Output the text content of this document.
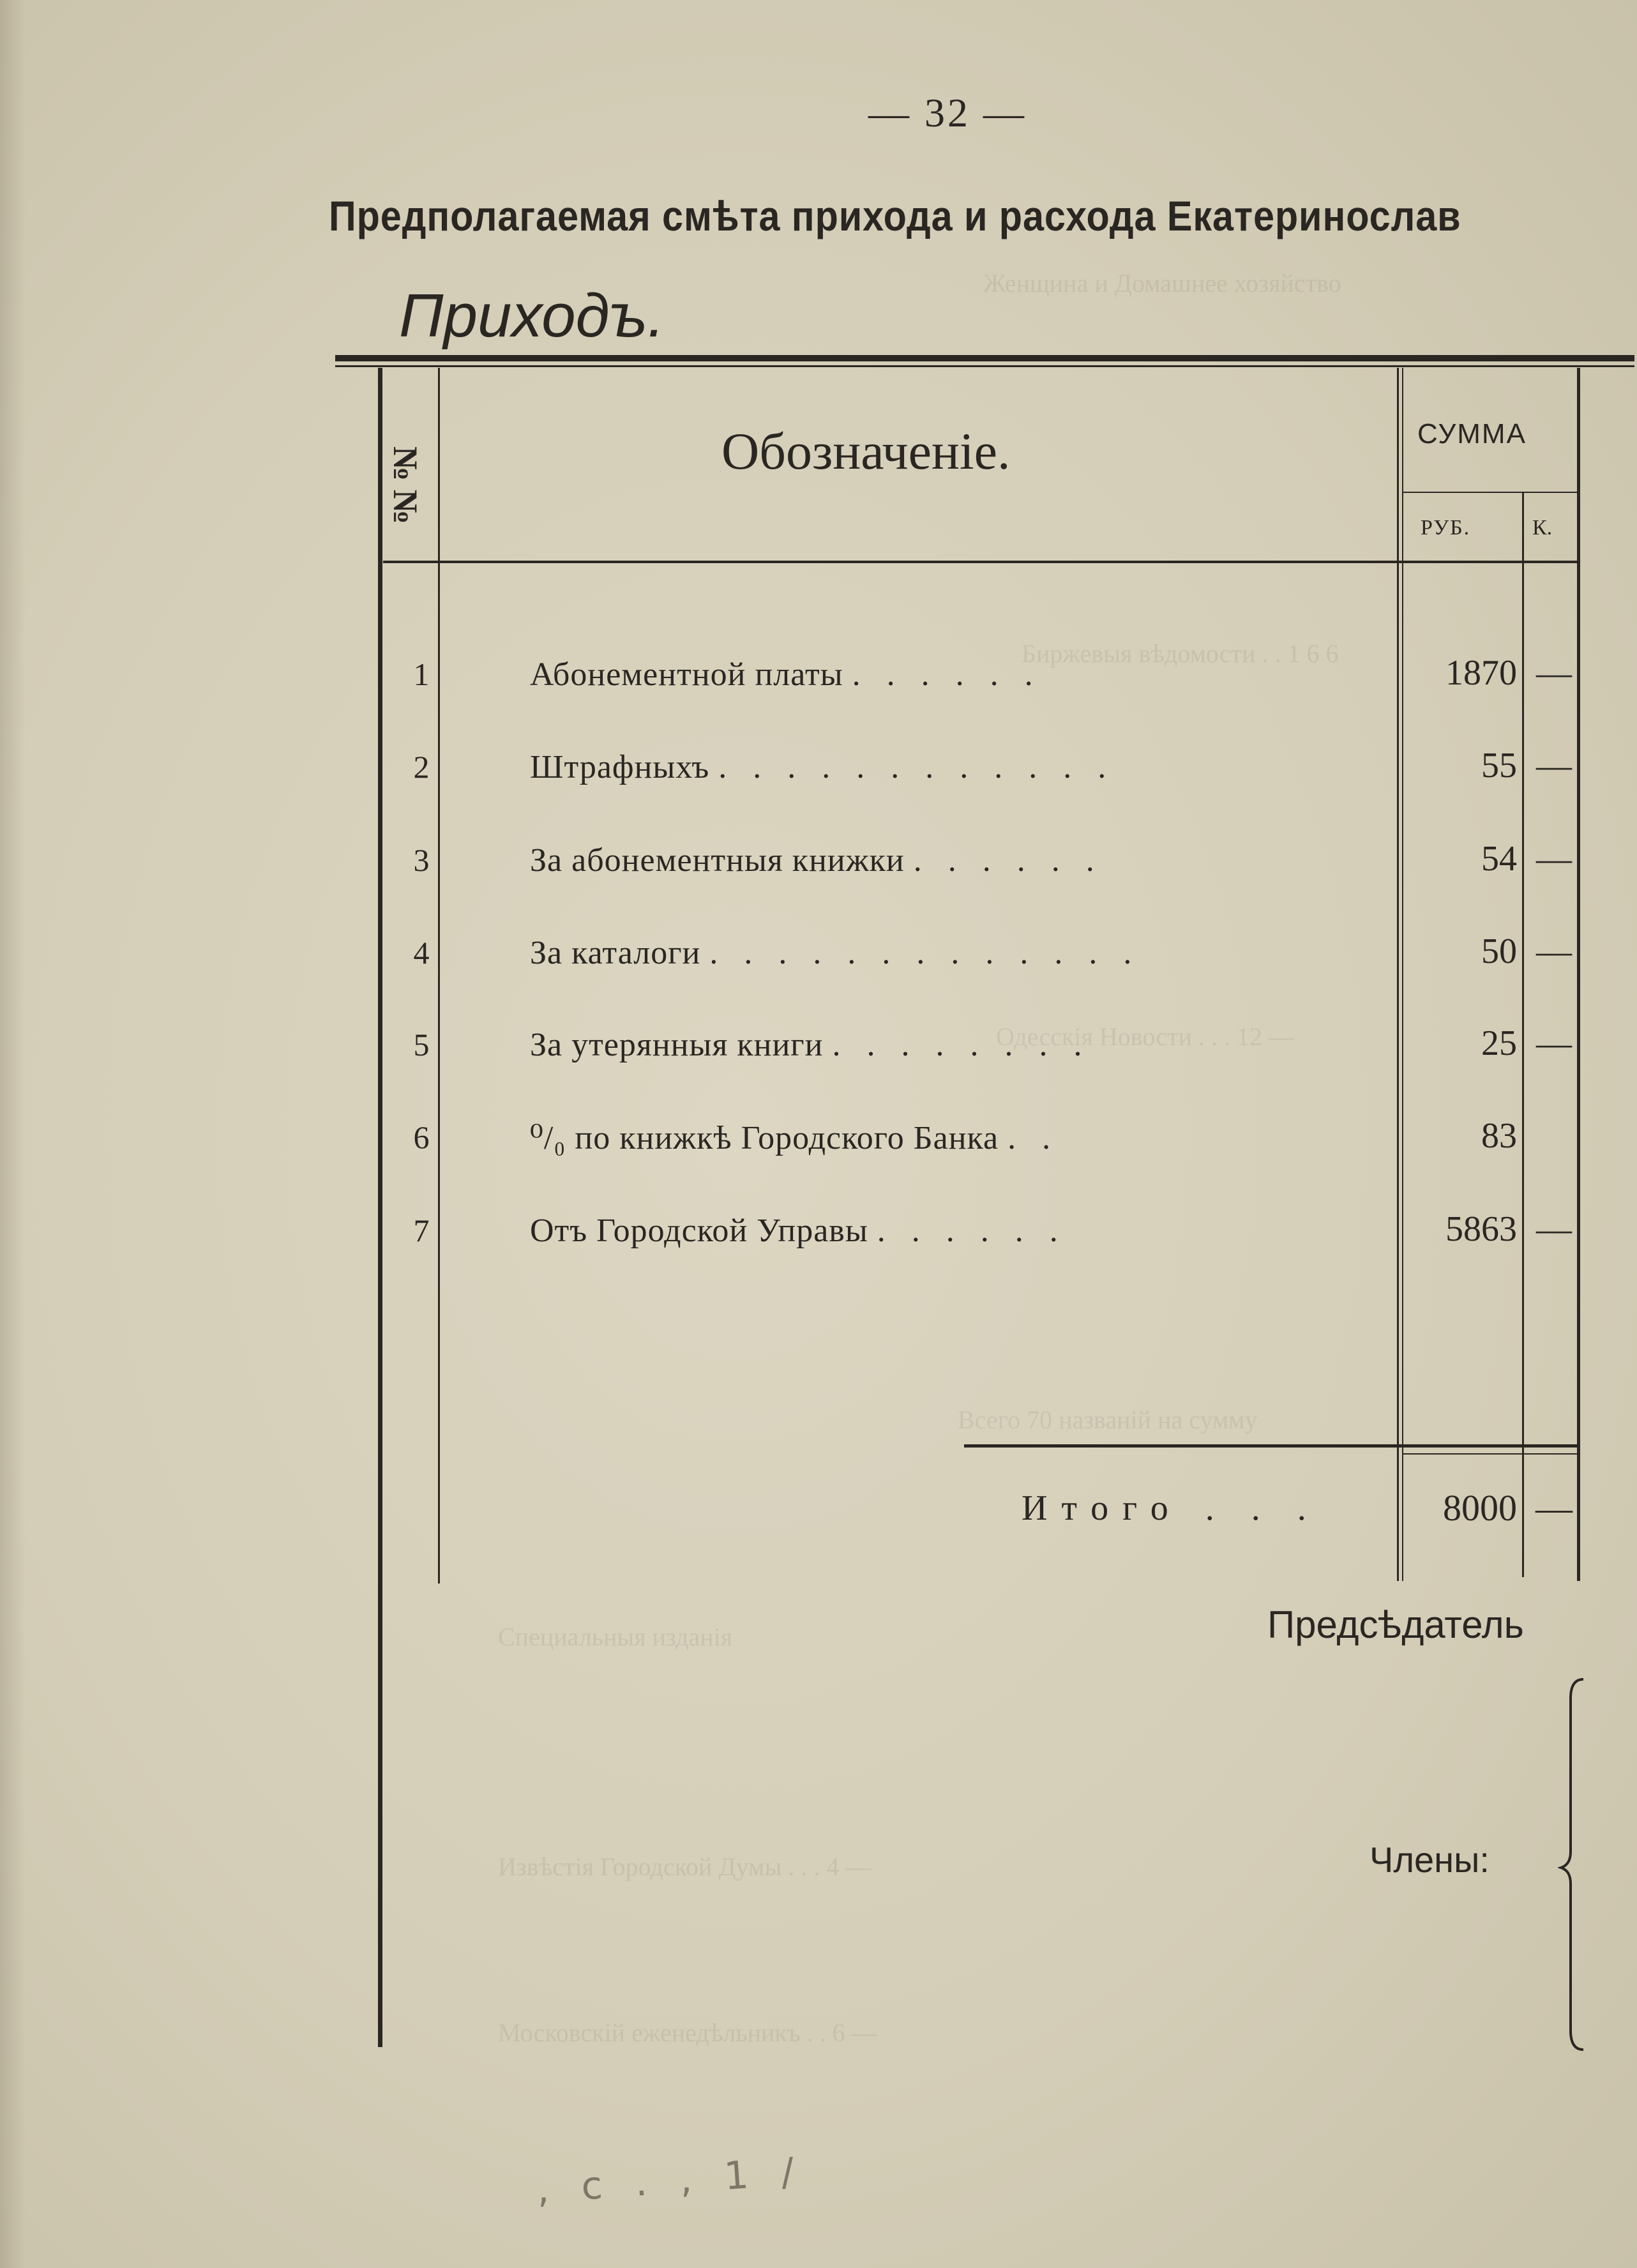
Женщина и Домашнее хозяйство
Биржевыя вѣдомости . . 1 6 6
Одесскія Новости . . . 12 —
Всего 70 названій на сумму
Специальныя изданія
Извѣстія Городской Думы . . . 4 —
Московскій еженедѣльникъ . . 6 —
— 32 —
Предполагаемая смѣта прихода и расхода Екатеринослав
Приходъ.
№ №	Обозначеніе.	СУММА
РУБ.	К.
1	Абонементной платы . . . . . .	1870 —
2	Штрафныхъ . . . . . . . . . . . .	55 —
3	За абонементныя книжки . . . . . .	54 —
4	За каталоги . . . . . . . . . . . . .	50 —
5	За утерянныя книги . . . . . . . .	25 —
6	⁰/₀ по книжкѣ Городского Банка . .	83
7	Отъ Городской Управы . . . . . .	5863 —
Итого . . .	8000 —
Предсѣдатель
Члены:
, с . , 1 /
